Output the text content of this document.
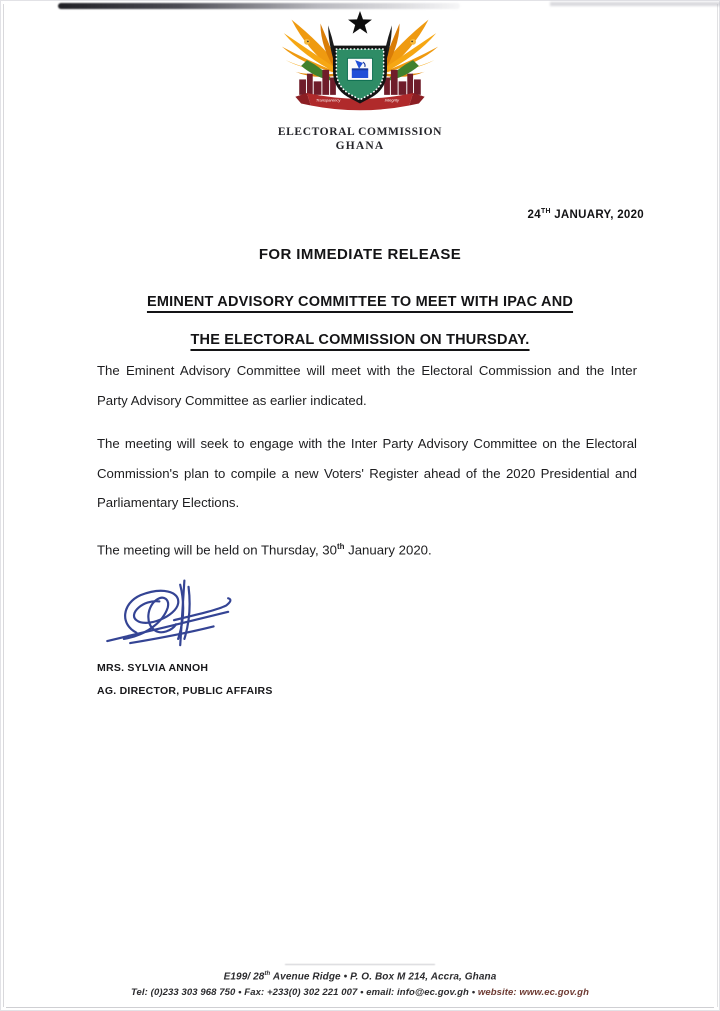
Transparency	Integrity
ELECTORAL COMMISSION
GHANA
24TH JANUARY, 2020
FOR IMMEDIATE RELEASE
EMINENT ADVISORY COMMITTEE TO MEET WITH IPAC AND
THE ELECTORAL COMMISSION ON THURSDAY.

The Eminent Advisory Committee will meet with the Electoral Commission and the Inter Party Advisory Committee as earlier indicated.

The meeting will seek to engage with the Inter Party Advisory Committee on the Electoral Commission's plan to compile a new Voters' Register ahead of the 2020 Presidential and Parliamentary Elections.

The meeting will be held on Thursday, 30th January 2020.

MRS. SYLVIA ANNOH
AG. DIRECTOR, PUBLIC AFFAIRS
E199/ 28th Avenue Ridge • P. O. Box M 214, Accra, Ghana
Tel: (0)233 303 968 750 • Fax: +233(0) 302 221 007 • email: info@ec.gov.gh • website: www.ec.gov.gh
